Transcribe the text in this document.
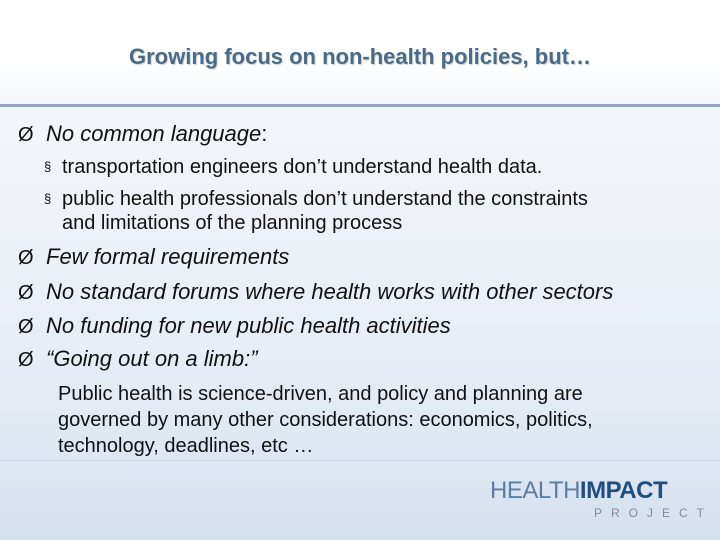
Growing focus on non-health policies, but…
Ø No common language :
§ transportation engineers don’t understand health data.
§ public health professionals don’t understand the constraints
and limitations of the planning process
Ø Few formal requirements
Ø No standard forums where health works with other sectors
Ø No funding for new public health activities
Ø “Going out on a limb:”
Public health is science-driven, and policy and planning are
governed by many other considerations: economics, politics,
technology, deadlines, etc …
HEALTHIMPACT
PROJECT
